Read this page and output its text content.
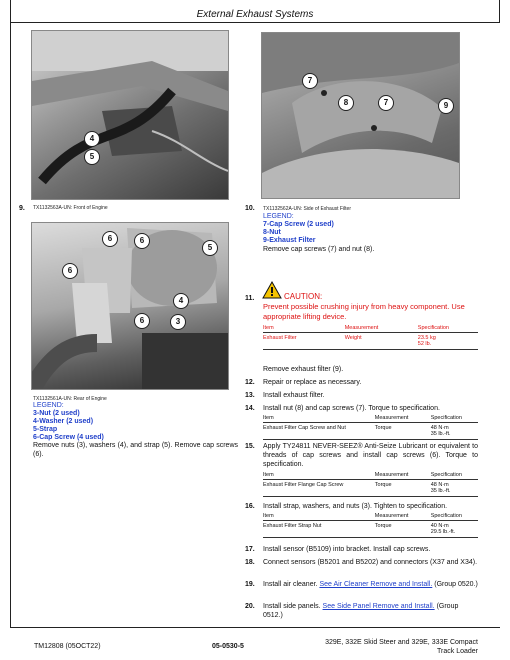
External Exhaust Systems
4
5
TX1132563A-UN: Front of Engine
7
8	7	9
TX1132562A-UN: Side of Exhaust Filter
6	6
5
6
4
6	3
TX1132561A-UN: Rear of Engine
9.
LEGEND:
3-Nut (2 used)
4-Washer (2 used)
5-Strap
6-Cap Screw (4 used)
Remove nuts (3), washers (4), and strap (5). Remove cap screws (6).
10.
LEGEND:
7-Cap Screw (2 used)
8-Nut
9-Exhaust Filter
Remove cap screws (7) and nut (8).
11.	CAUTION:
Prevent possible crushing injury from heavy component. Use appropriate lifting device.
Item	Measurement	Specification
Exhaust Filter	Weight	23.5 kg
52 lb.
Remove exhaust filter (9).
12. Repair or replace as necessary.
13. Install exhaust filter.
14. Install nut (8) and cap screws (7). Torque to specification.
Item	Measurement	Specification
Exhaust Filter Cap Screw and Nut	Torque	48 N·m
35 lb.-ft.
15. Apply TY24811 NEVER-SEEZ® Anti-Seize Lubricant or equivalent to threads of cap screws and install cap screws (6). Torque to specification.
Item	Measurement	Specification
Exhaust Filter Flange Cap Screw	Torque	48 N·m
35 lb.-ft.
16. Install strap, washers, and nuts (3). Tighten to specification.
Item	Measurement	Specification
Exhaust Filter Strap Nut	Torque	40 N·m
29.5 lb.-ft.
17. Install sensor (B5109) into bracket. Install cap screws.
18. Connect sensors (B5201 and B5202) and connectors (X37 and X34).
19. Install air cleaner. See Air Cleaner Remove and Install. (Group 0520.)
20. Install side panels. See Side Panel Remove and Install. (Group 0512.)
TM12808 (05OCT22)	05-0530-5
329E, 332E Skid Steer and 329E, 333E Compact Track Loader
